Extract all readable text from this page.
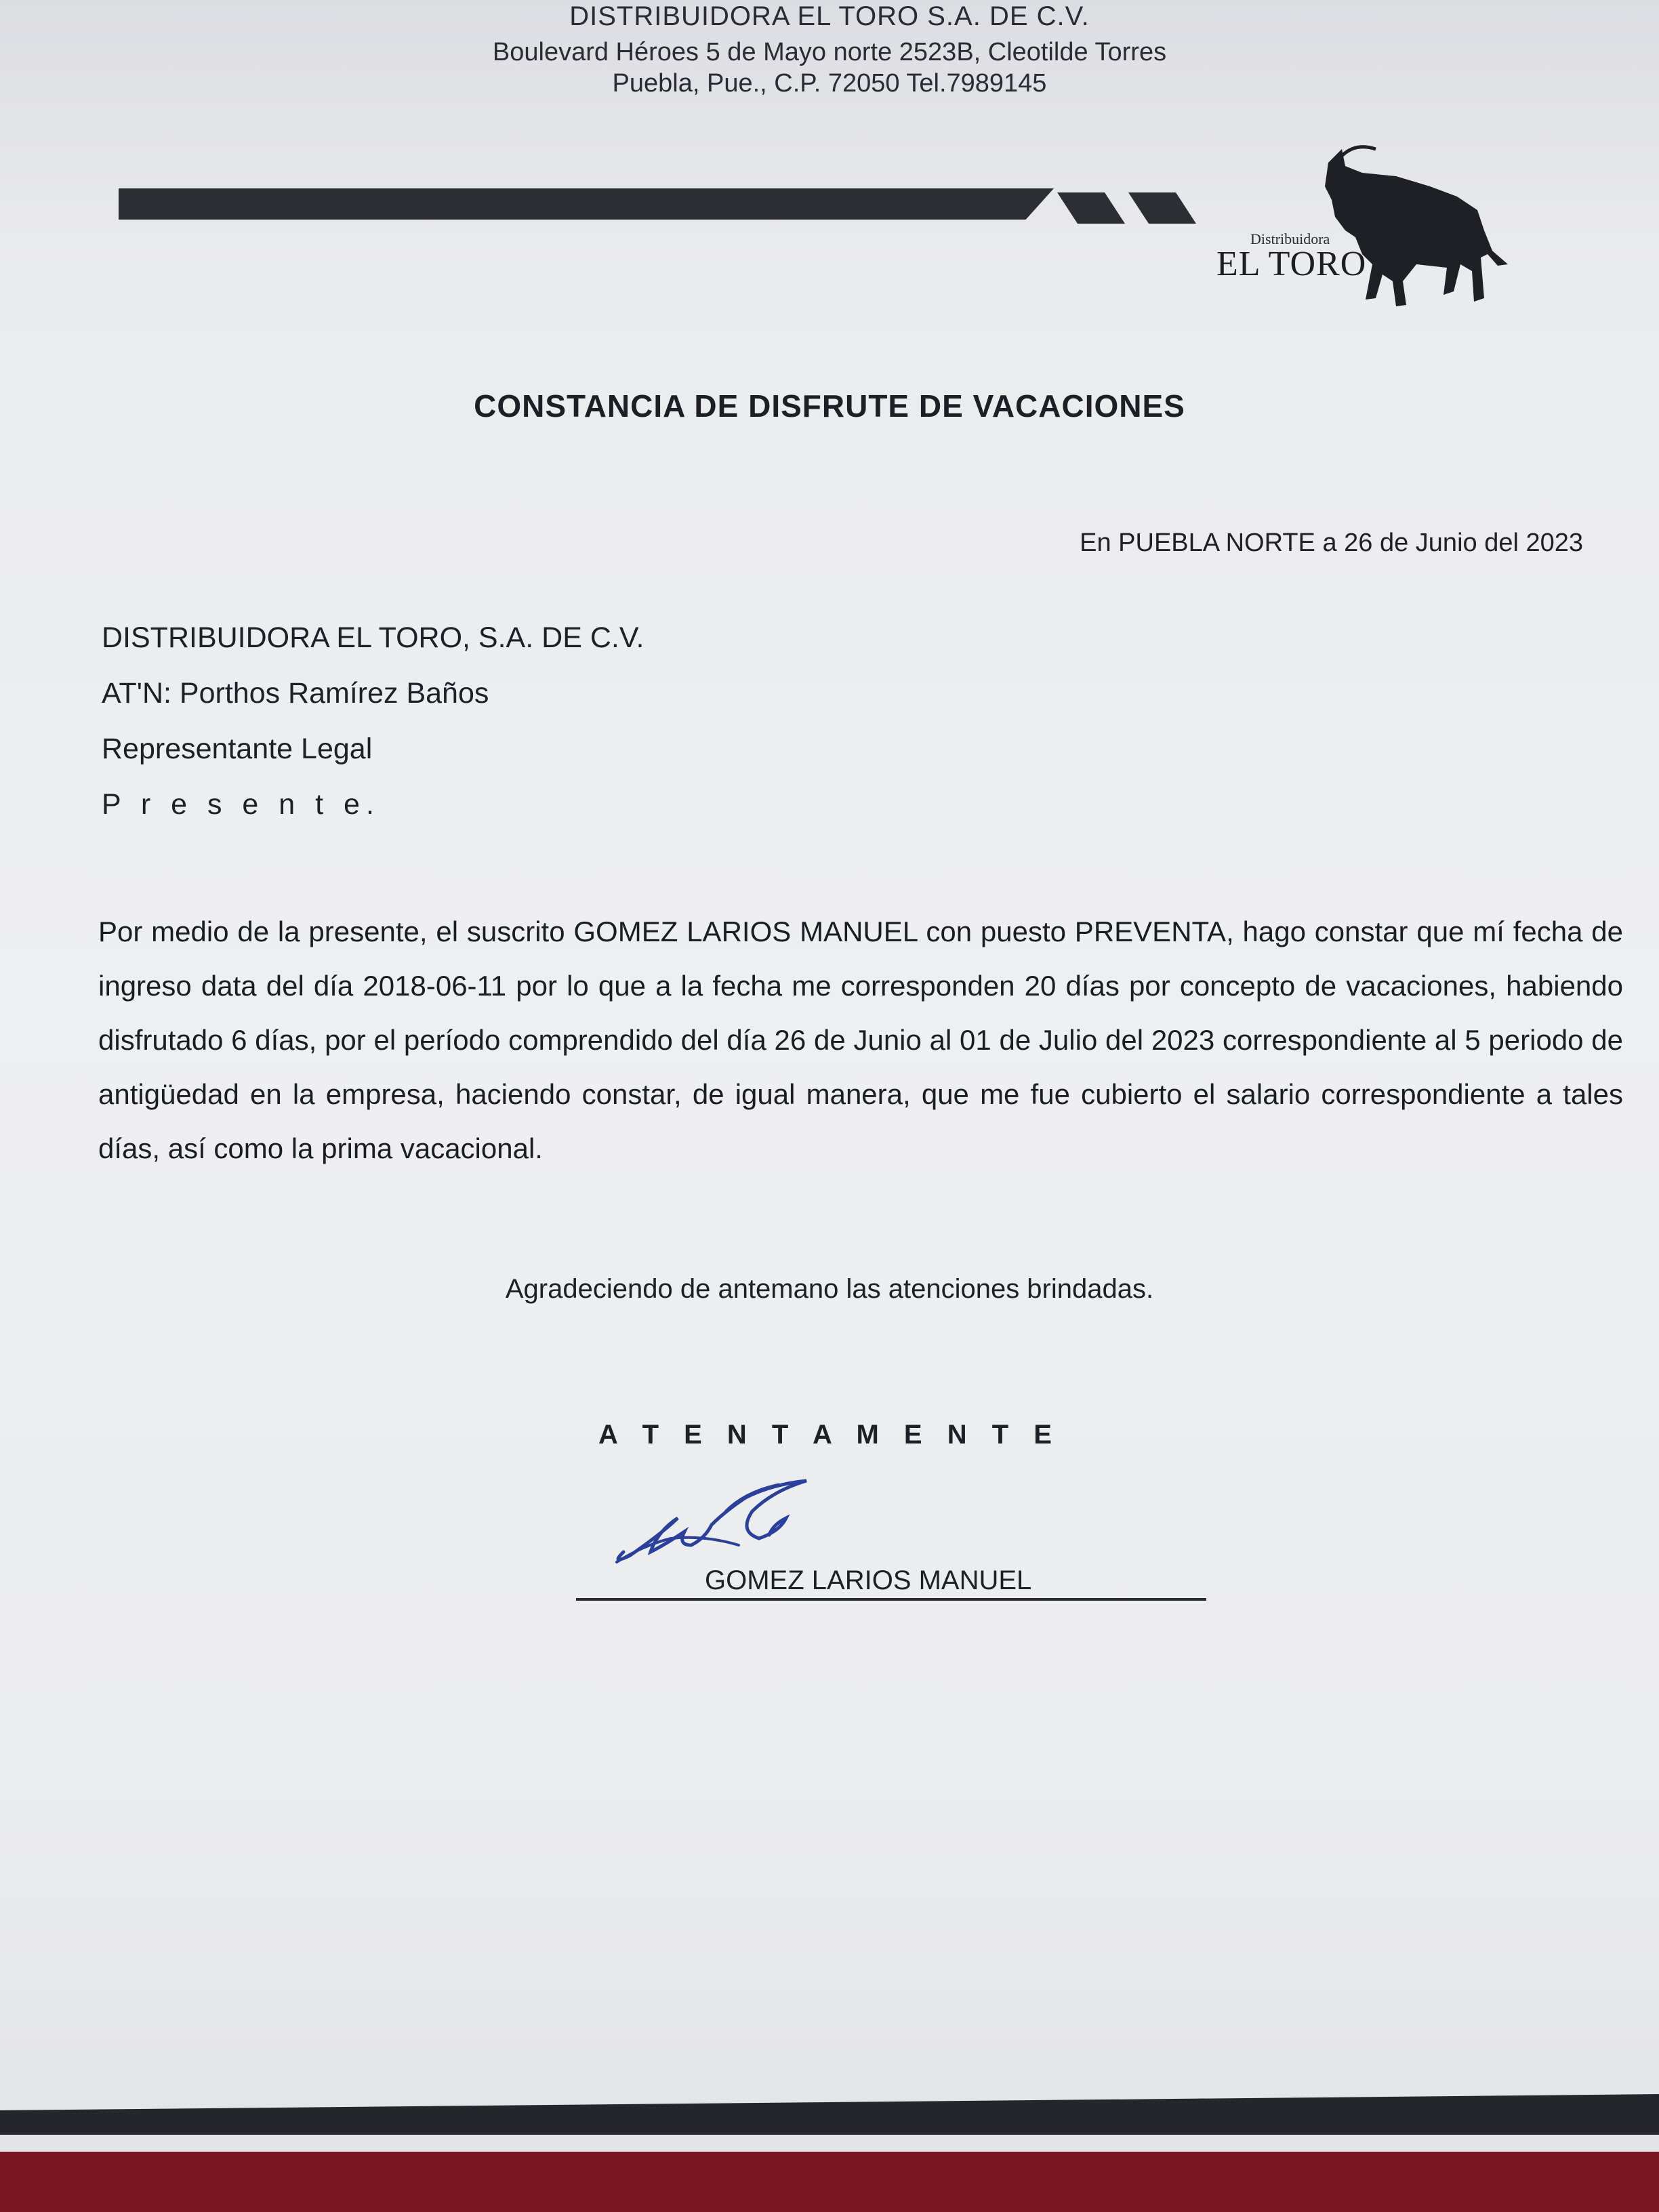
DISTRIBUIDORA EL TORO S.A. DE C.V.
Boulevard Héroes 5 de Mayo norte 2523B, Cleotilde Torres
Puebla, Pue., C.P. 72050 Tel.7989145
Distribuidora
EL TORO
CONSTANCIA DE DISFRUTE DE VACACIONES
En PUEBLA NORTE a 26 de Junio del 2023
DISTRIBUIDORA EL TORO, S.A. DE C.V.
AT'N: Porthos Ramírez Baños
Representante Legal
P r e s e n t e.
Por medio de la presente, el suscrito GOMEZ LARIOS MANUEL con puesto PREVENTA, hago constar que mí fecha de ingreso data del día 2018-06-11 por lo que a la fecha me corresponden 20 días por concepto de vacaciones, habiendo disfrutado 6 días, por el período comprendido del día 26 de Junio al 01 de Julio del 2023 correspondiente al 5 periodo de antigüedad en la empresa, haciendo constar, de igual manera, que me fue cubierto el salario correspondiente a tales días, así como la prima vacacional.
Agradeciendo de antemano las atenciones brindadas.
A T E N T A M E N T E
GOMEZ LARIOS MANUEL
